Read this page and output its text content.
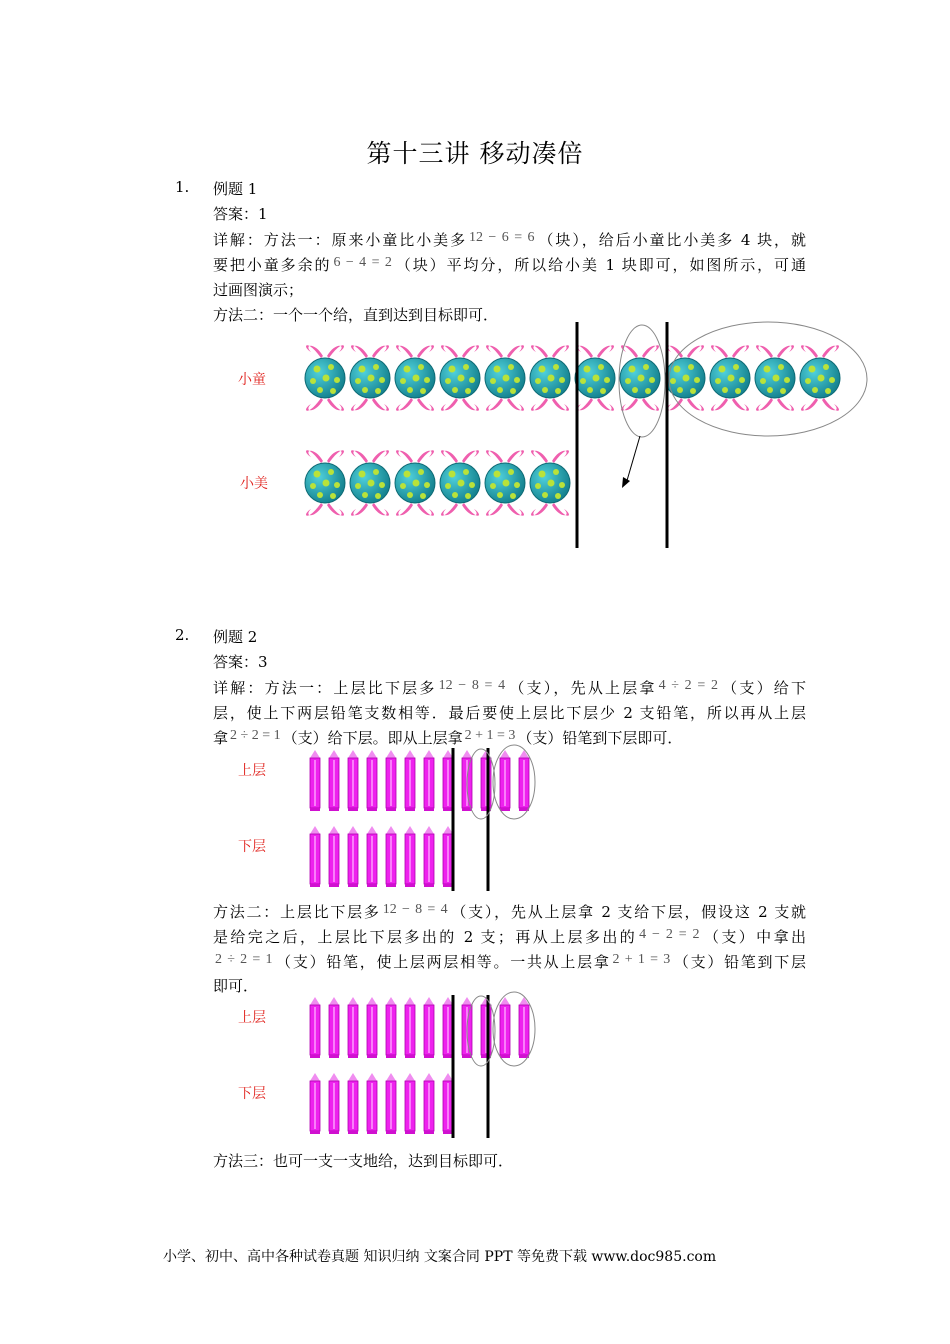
第十三讲 移动凑倍
1. 例题 1
答案：1
详解：方法一：原来小童比小美多 12 − 6 = 6 （块），给后小童比小美多 4 块，就
要把小童多余的 6 − 4 = 2 （块）平均分，所以给小美 1 块即可，如图所示，可通
过画图演示；
方法二：一个一个给，直到达到目标即可．
小童
小美
2. 例题 2
答案：3
详解：方法一：上层比下层多 12 − 8 = 4 （支），先从上层拿 4 ÷ 2 = 2 （支）给下
层，使上下两层铅笔支数相等．最后要使上层比下层少 2 支铅笔，所以再从上层
拿 2 ÷ 2 = 1 （支）给下层。即从上层拿 2 + 1 = 3 （支）铅笔到下层即可．
上层
下层
方法二：上层比下层多 12 − 8 = 4 （支），先从上层拿 2 支给下层，假设这 2 支就
是给完之后，上层比下层多出的 2 支；再从上层多出的 4 − 2 = 2 （支）中拿出
2 ÷ 2 = 1 （支）铅笔，使上层两层相等。一共从上层拿 2 + 1 = 3 （支）铅笔到下层
即可．
上层
下层
方法三：也可一支一支地给，达到目标即可．
小学、初中、高中各种试卷真题 知识归纳 文案合同 PPT 等免费下载 www.doc985.com
